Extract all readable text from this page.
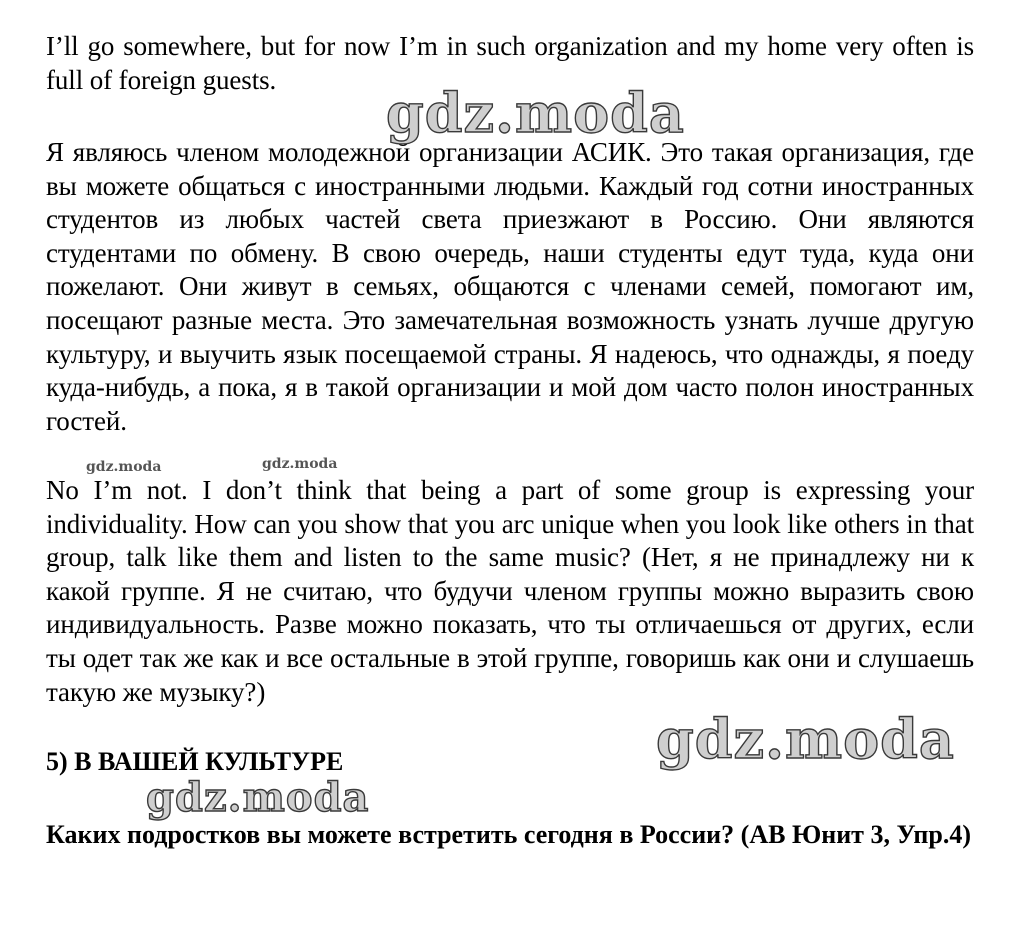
I’ll go somewhere, but for now I’m in such organization and my home very often is full of foreign guests.

Я являюсь членом молодежной организации АСИК. Это такая организация, где вы можете общаться с иностранными людьми. Каждый год сотни иностранных студентов из любых частей света приезжают в Россию. Они являются студентами по обмену. В свою очередь, наши студенты едут туда, куда они пожелают. Они живут в семьях, общаются с членами семей, помогают им, посещают разные места. Это замечательная возможность узнать лучше другую культуру, и выучить язык посещаемой страны. Я надеюсь, что однажды, я поеду куда-нибудь, а пока, я в такой организации и мой дом часто полон иностранных гостей.

No I’m not. I don’t think that being a part of some group is expressing your individuality. How can you show that you arc unique when you look like others in that group, talk like them and listen to the same music? (Нет, я не принадлежу ни к какой группе. Я не считаю, что будучи членом группы можно выразить свою индивидуальность. Разве можно показать, что ты отличаешься от других, если ты одет так же как и все остальные в этой группе, говоришь как они и слушаешь такую же музыку?)

5) В ВАШЕЙ КУЛЬТУРЕ

Каких подростков вы можете встретить сегодня в России? (АВ Юнит 3, Упр.4)

gdz.moda
gdz.moda
gdz.moda
gdz.moda	gdz.moda
